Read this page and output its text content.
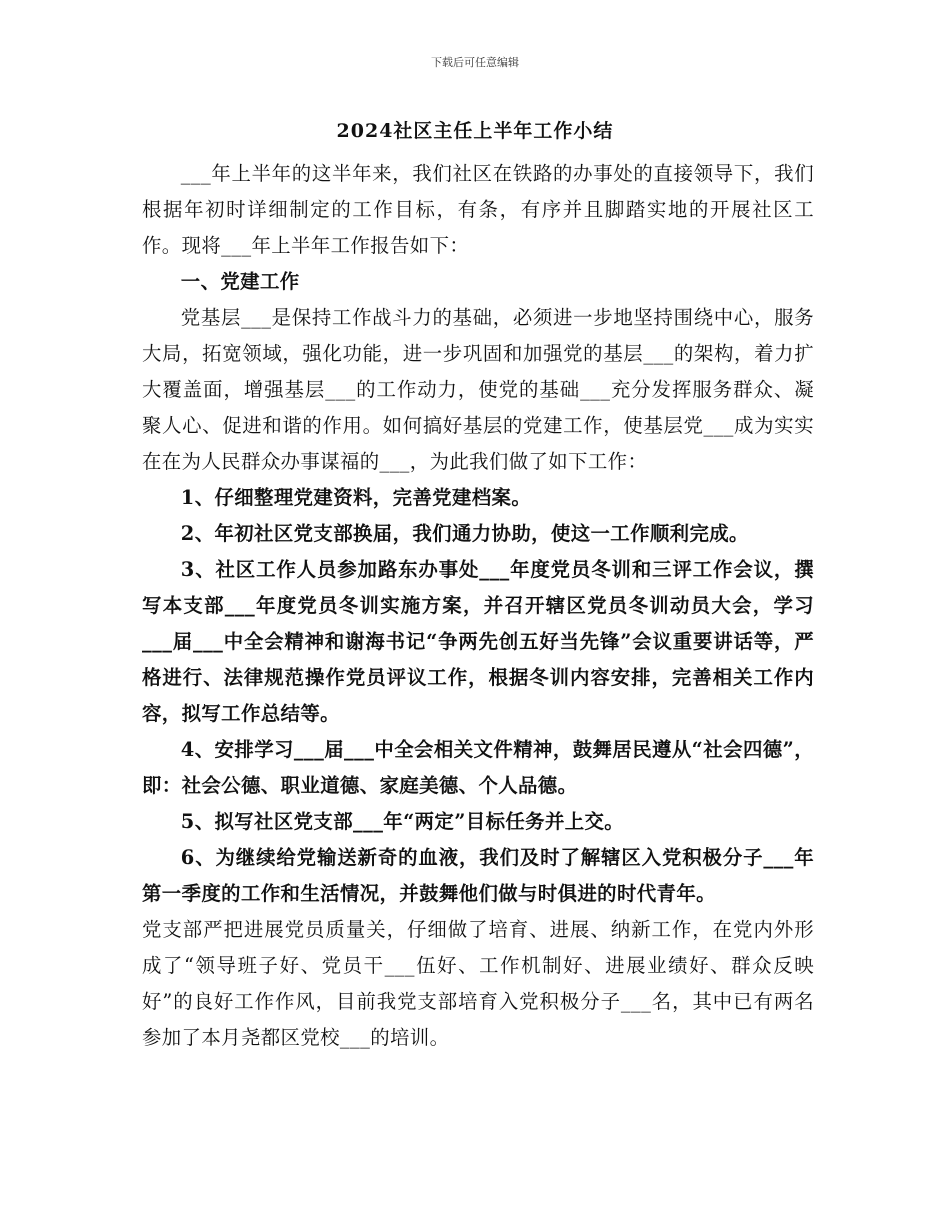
下载后可任意编辑
2024社区主任上半年工作小结

___年上半年的这半年来，我们社区在铁路的办事处的直接领导下，我们根据年初时详细制定的工作目标，有条，有序并且脚踏实地的开展社区工作。现将___年上半年工作报告如下：

一、党建工作

党基层___是保持工作战斗力的基础，必须进一步地坚持围绕中心，服务大局，拓宽领域，强化功能，进一步巩固和加强党的基层___的架构，着力扩大覆盖面，增强基层___的工作动力，使党的基础___充分发挥服务群众、凝聚人心、促进和谐的作用。如何搞好基层的党建工作，使基层党___成为实实在在为人民群众办事谋福的___，为此我们做了如下工作：

1、仔细整理党建资料，完善党建档案。

2、年初社区党支部换届，我们通力协助，使这一工作顺利完成。

3、社区工作人员参加路东办事处___年度党员冬训和三评工作会议，撰写本支部___年度党员冬训实施方案，并召开辖区党员冬训动员大会，学习___届___中全会精神和谢海书记“争两先创五好当先锋”会议重要讲话等，严格进行、法律规范操作党员评议工作，根据冬训内容安排，完善相关工作内容，拟写工作总结等。

4、安排学习___届___中全会相关文件精神，鼓舞居民遵从“社会四德”，即：社会公德、职业道德、家庭美德、个人品德。

5、拟写社区党支部___年“两定”目标任务并上交。

6、为继续给党输送新奇的血液，我们及时了解辖区入党积极分子___年第一季度的工作和生活情况，并鼓舞他们做与时俱进的时代青年。

党支部严把进展党员质量关，仔细做了培育、进展、纳新工作，在党内外形成了“领导班子好、党员干___伍好、工作机制好、进展业绩好、群众反映好”的良好工作作风，目前我党支部培育入党积极分子___名，其中已有两名参加了本月尧都区党校___的培训。
